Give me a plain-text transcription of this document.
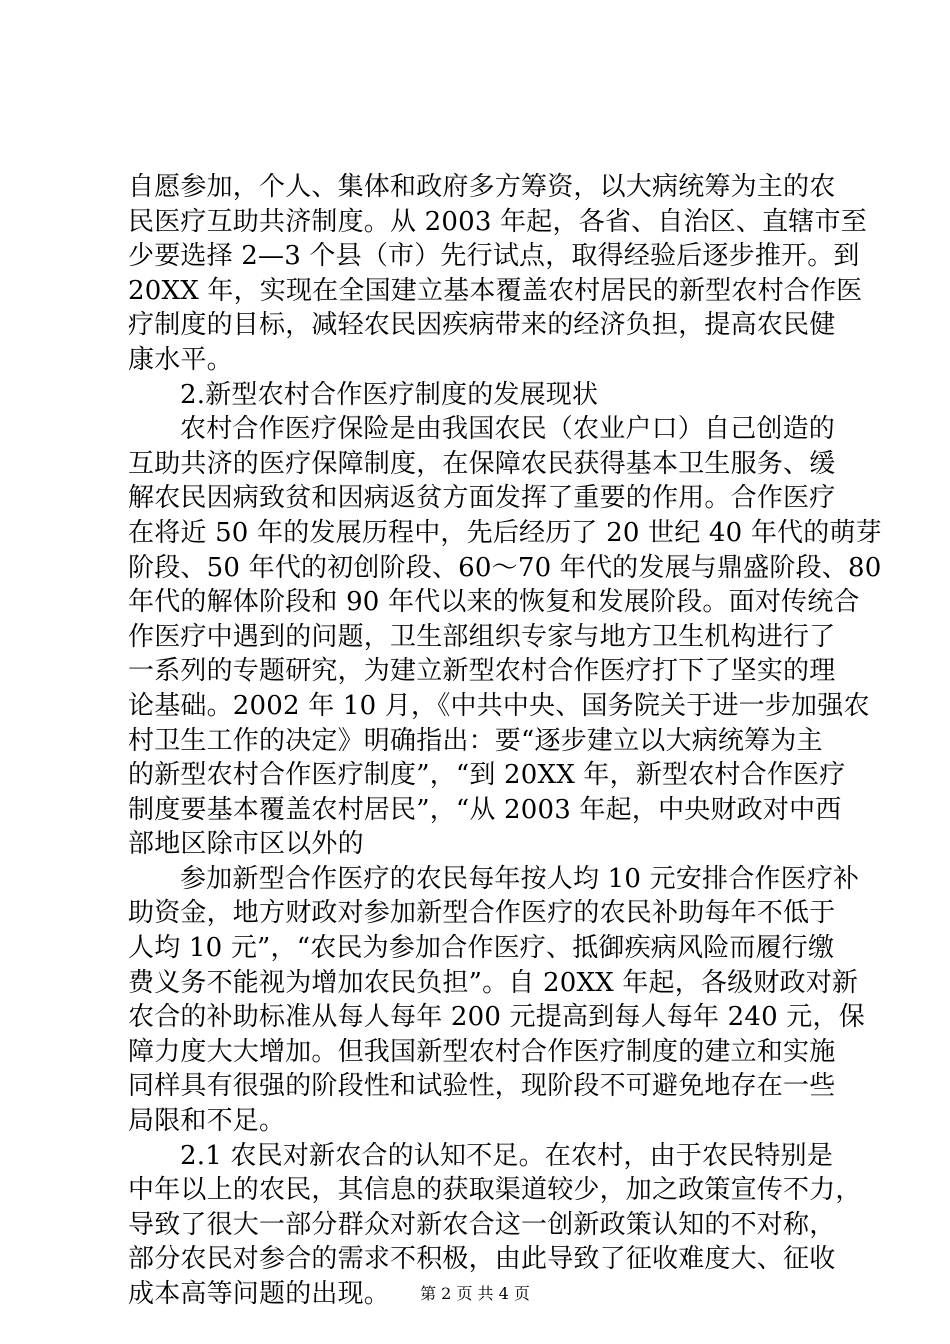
自愿参加，个人、集体和政府多方筹资，以大病统筹为主的农
民医疗互助共济制度。从 2003 年起，各省、自治区、直辖市至
少要选择 2—3 个县（市）先行试点，取得经验后逐步推开。到
20XX 年，实现在全国建立基本覆盖农村居民的新型农村合作医
疗制度的目标，减轻农民因疾病带来的经济负担，提高农民健
康水平。
2.新型农村合作医疗制度的发展现状
农村合作医疗保险是由我国农民（农业户口）自己创造的
互助共济的医疗保障制度，在保障农民获得基本卫生服务、缓
解农民因病致贫和因病返贫方面发挥了重要的作用。合作医疗
在将近 50 年的发展历程中，先后经历了 20 世纪 40 年代的萌芽
阶段、50 年代的初创阶段、60～70 年代的发展与鼎盛阶段、80
年代的解体阶段和 90 年代以来的恢复和发展阶段。面对传统合
作医疗中遇到的问题，卫生部组织专家与地方卫生机构进行了
一系列的专题研究，为建立新型农村合作医疗打下了坚实的理
论基础。2002 年 10 月，《中共中央、国务院关于进一步加强农
村卫生工作的决定》明确指出：要“逐步建立以大病统筹为主
的新型农村合作医疗制度”，“到 20XX 年，新型农村合作医疗
制度要基本覆盖农村居民”，“从 2003 年起，中央财政对中西
部地区除市区以外的
参加新型合作医疗的农民每年按人均 10 元安排合作医疗补
助资金，地方财政对参加新型合作医疗的农民补助每年不低于
人均 10 元”，“农民为参加合作医疗、抵御疾病风险而履行缴
费义务不能视为增加农民负担”。自 20XX 年起，各级财政对新
农合的补助标准从每人每年 200 元提高到每人每年 240 元，保
障力度大大增加。但我国新型农村合作医疗制度的建立和实施
同样具有很强的阶段性和试验性，现阶段不可避免地存在一些
局限和不足。
2.1 农民对新农合的认知不足。在农村，由于农民特别是
中年以上的农民，其信息的获取渠道较少，加之政策宣传不力，
导致了很大一部分群众对新农合这一创新政策认知的不对称，
部分农民对参合的需求不积极，由此导致了征收难度大、征收
成本高等问题的出现。	第 2 页 共 4 页
